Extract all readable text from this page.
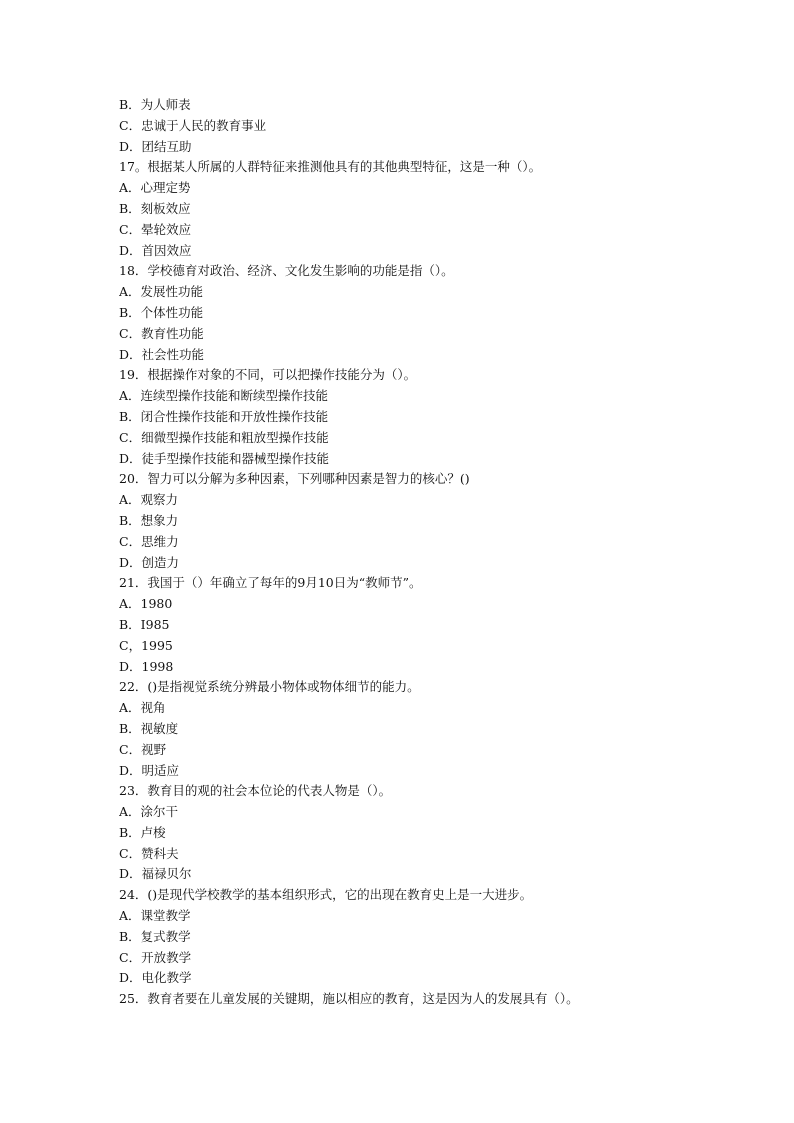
B．为人师表
C．忠诚于人民的教育事业
D．团结互助
17。根据某人所属的人群特征来推测他具有的其他典型特征，这是一种（）。
A．心理定势
B．刻板效应
C．晕轮效应
D．首因效应
18．学校德育对政治、经济、文化发生影响的功能是指（）。
A．发展性功能
B．个体性功能
C．教育性功能
D．社会性功能
19．根据操作对象的不同，可以把操作技能分为（）。
A．连续型操作技能和断续型操作技能
B．闭合性操作技能和开放性操作技能
C．细微型操作技能和粗放型操作技能
D．徒手型操作技能和器械型操作技能
20．智力可以分解为多种因素，下列哪种因素是智力的核心？()
A．观察力
B．想象力
C．思维力
D．创造力
21．我国于（）年确立了每年的9月10日为“教师节”。
A．1980
B．I985
C，1995
D．1998
22．()是指视觉系统分辨最小物体或物体细节的能力。
A．视角
B．视敏度
C．视野
D．明适应
23．教育目的观的社会本位论的代表人物是（）。
A．涂尔干
B．卢梭
C．赞科夫
D．福禄贝尔
24．()是现代学校教学的基本组织形式，它的出现在教育史上是一大进步。
A．课堂教学
B．复式教学
C．开放教学
D．电化教学
25．教育者要在儿童发展的关键期，施以相应的教育，这是因为人的发展具有（）。
